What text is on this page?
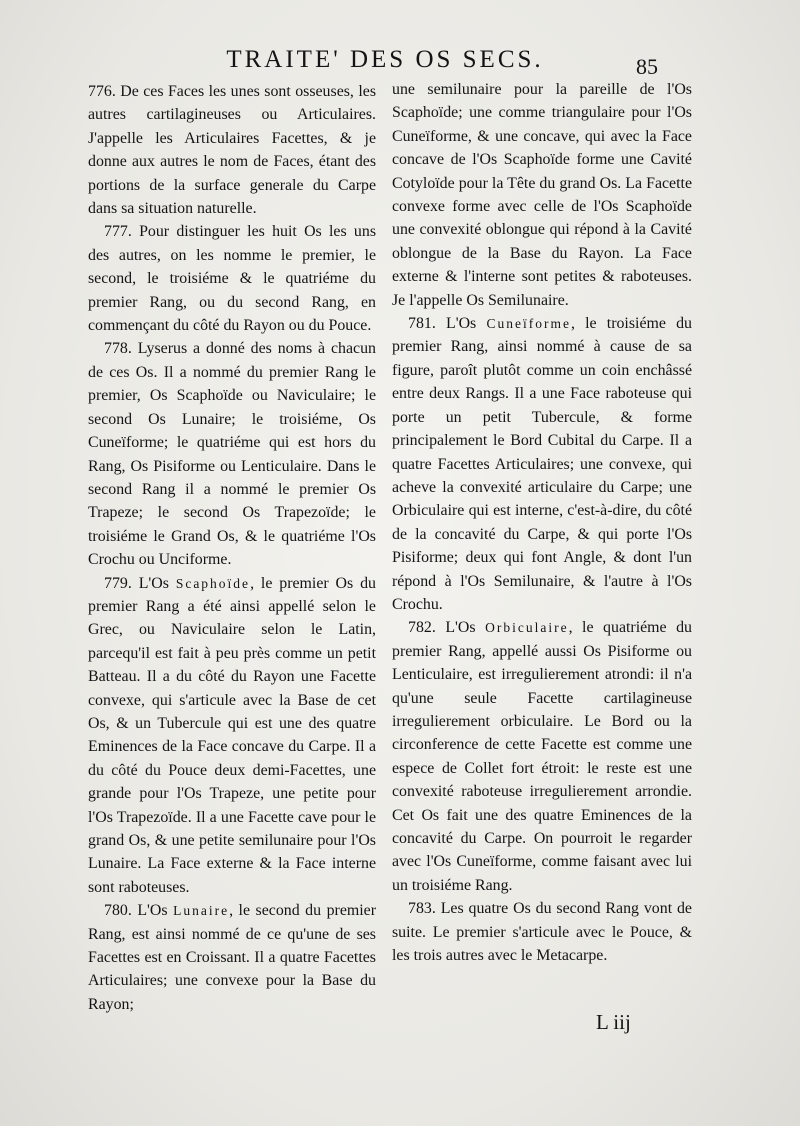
TRAITE' DES OS SECS.	85

776. De ces Faces les unes sont osseuses, les autres cartilagineuses ou Articulaires. J'appelle les Articulaires Facettes, & je donne aux autres le nom de Faces, étant des portions de la surface generale du Carpe dans sa situation naturelle.

777. Pour distinguer les huit Os les uns des autres, on les nomme le premier, le second, le troisiéme & le quatriéme du premier Rang, ou du second Rang, en commençant du côté du Rayon ou du Pouce.

778. Lyserus a donné des noms à chacun de ces Os. Il a nommé du premier Rang le premier, Os Scaphoïde ou Naviculaire; le second Os Lunaire; le troisiéme, Os Cuneïforme; le quatriéme qui est hors du Rang, Os Pisiforme ou Lenticulaire. Dans le second Rang il a nommé le premier Os Trapeze; le second Os Trapezoïde; le troisiéme le Grand Os, & le quatriéme l'Os Crochu ou Unciforme.

779. L'Os Scaphoïde, le premier Os du premier Rang a été ainsi appellé selon le Grec, ou Naviculaire selon le Latin, parcequ'il est fait à peu près comme un petit Batteau. Il a du côté du Rayon une Facette convexe, qui s'articule avec la Base de cet Os, & un Tubercule qui est une des quatre Eminences de la Face concave du Carpe. Il a du côté du Pouce deux demi-Facettes, une grande pour l'Os Trapeze, une petite pour l'Os Trapezoïde. Il a une Facette cave pour le grand Os, & une petite semilunaire pour l'Os Lunaire. La Face externe & la Face interne sont raboteuses.

780. L'Os Lunaire, le second du premier Rang, est ainsi nommé de ce qu'une de ses Facettes est en Croissant. Il a quatre Facettes Articulaires; une convexe pour la Base du Rayon;

une semilunaire pour la pareille de l'Os Scaphoïde; une comme triangulaire pour l'Os Cuneïforme, & une concave, qui avec la Face concave de l'Os Scaphoïde forme une Cavité Cotyloïde pour la Tête du grand Os. La Facette convexe forme avec celle de l'Os Scaphoïde une convexité oblongue qui répond à la Cavité oblongue de la Base du Rayon. La Face externe & l'interne sont petites & raboteuses. Je l'appelle Os Semilunaire.

781. L'Os Cuneïforme, le troisiéme du premier Rang, ainsi nommé à cause de sa figure, paroît plutôt comme un coin enchâssé entre deux Rangs. Il a une Face raboteuse qui porte un petit Tubercule, & forme principalement le Bord Cubital du Carpe. Il a quatre Facettes Articulaires; une convexe, qui acheve la convexité articulaire du Carpe; une Orbiculaire qui est interne, c'est-à-dire, du côté de la concavité du Carpe, & qui porte l'Os Pisiforme; deux qui font Angle, & dont l'un répond à l'Os Semilunaire, & l'autre à l'Os Crochu.

782. L'Os Orbiculaire, le quatriéme du premier Rang, appellé aussi Os Pisiforme ou Lenticulaire, est irregulierement atrondi: il n'a qu'une seule Facette cartilagineuse irregulierement orbiculaire. Le Bord ou la circonference de cette Facette est comme une espece de Collet fort étroit: le reste est une convexité raboteuse irregulierement arrondie. Cet Os fait une des quatre Eminences de la concavité du Carpe. On pourroit le regarder avec l'Os Cuneïforme, comme faisant avec lui un troisiéme Rang.

783. Les quatre Os du second Rang vont de suite. Le premier s'articule avec le Pouce, & les trois autres avec le Metacarpe.

L iij
